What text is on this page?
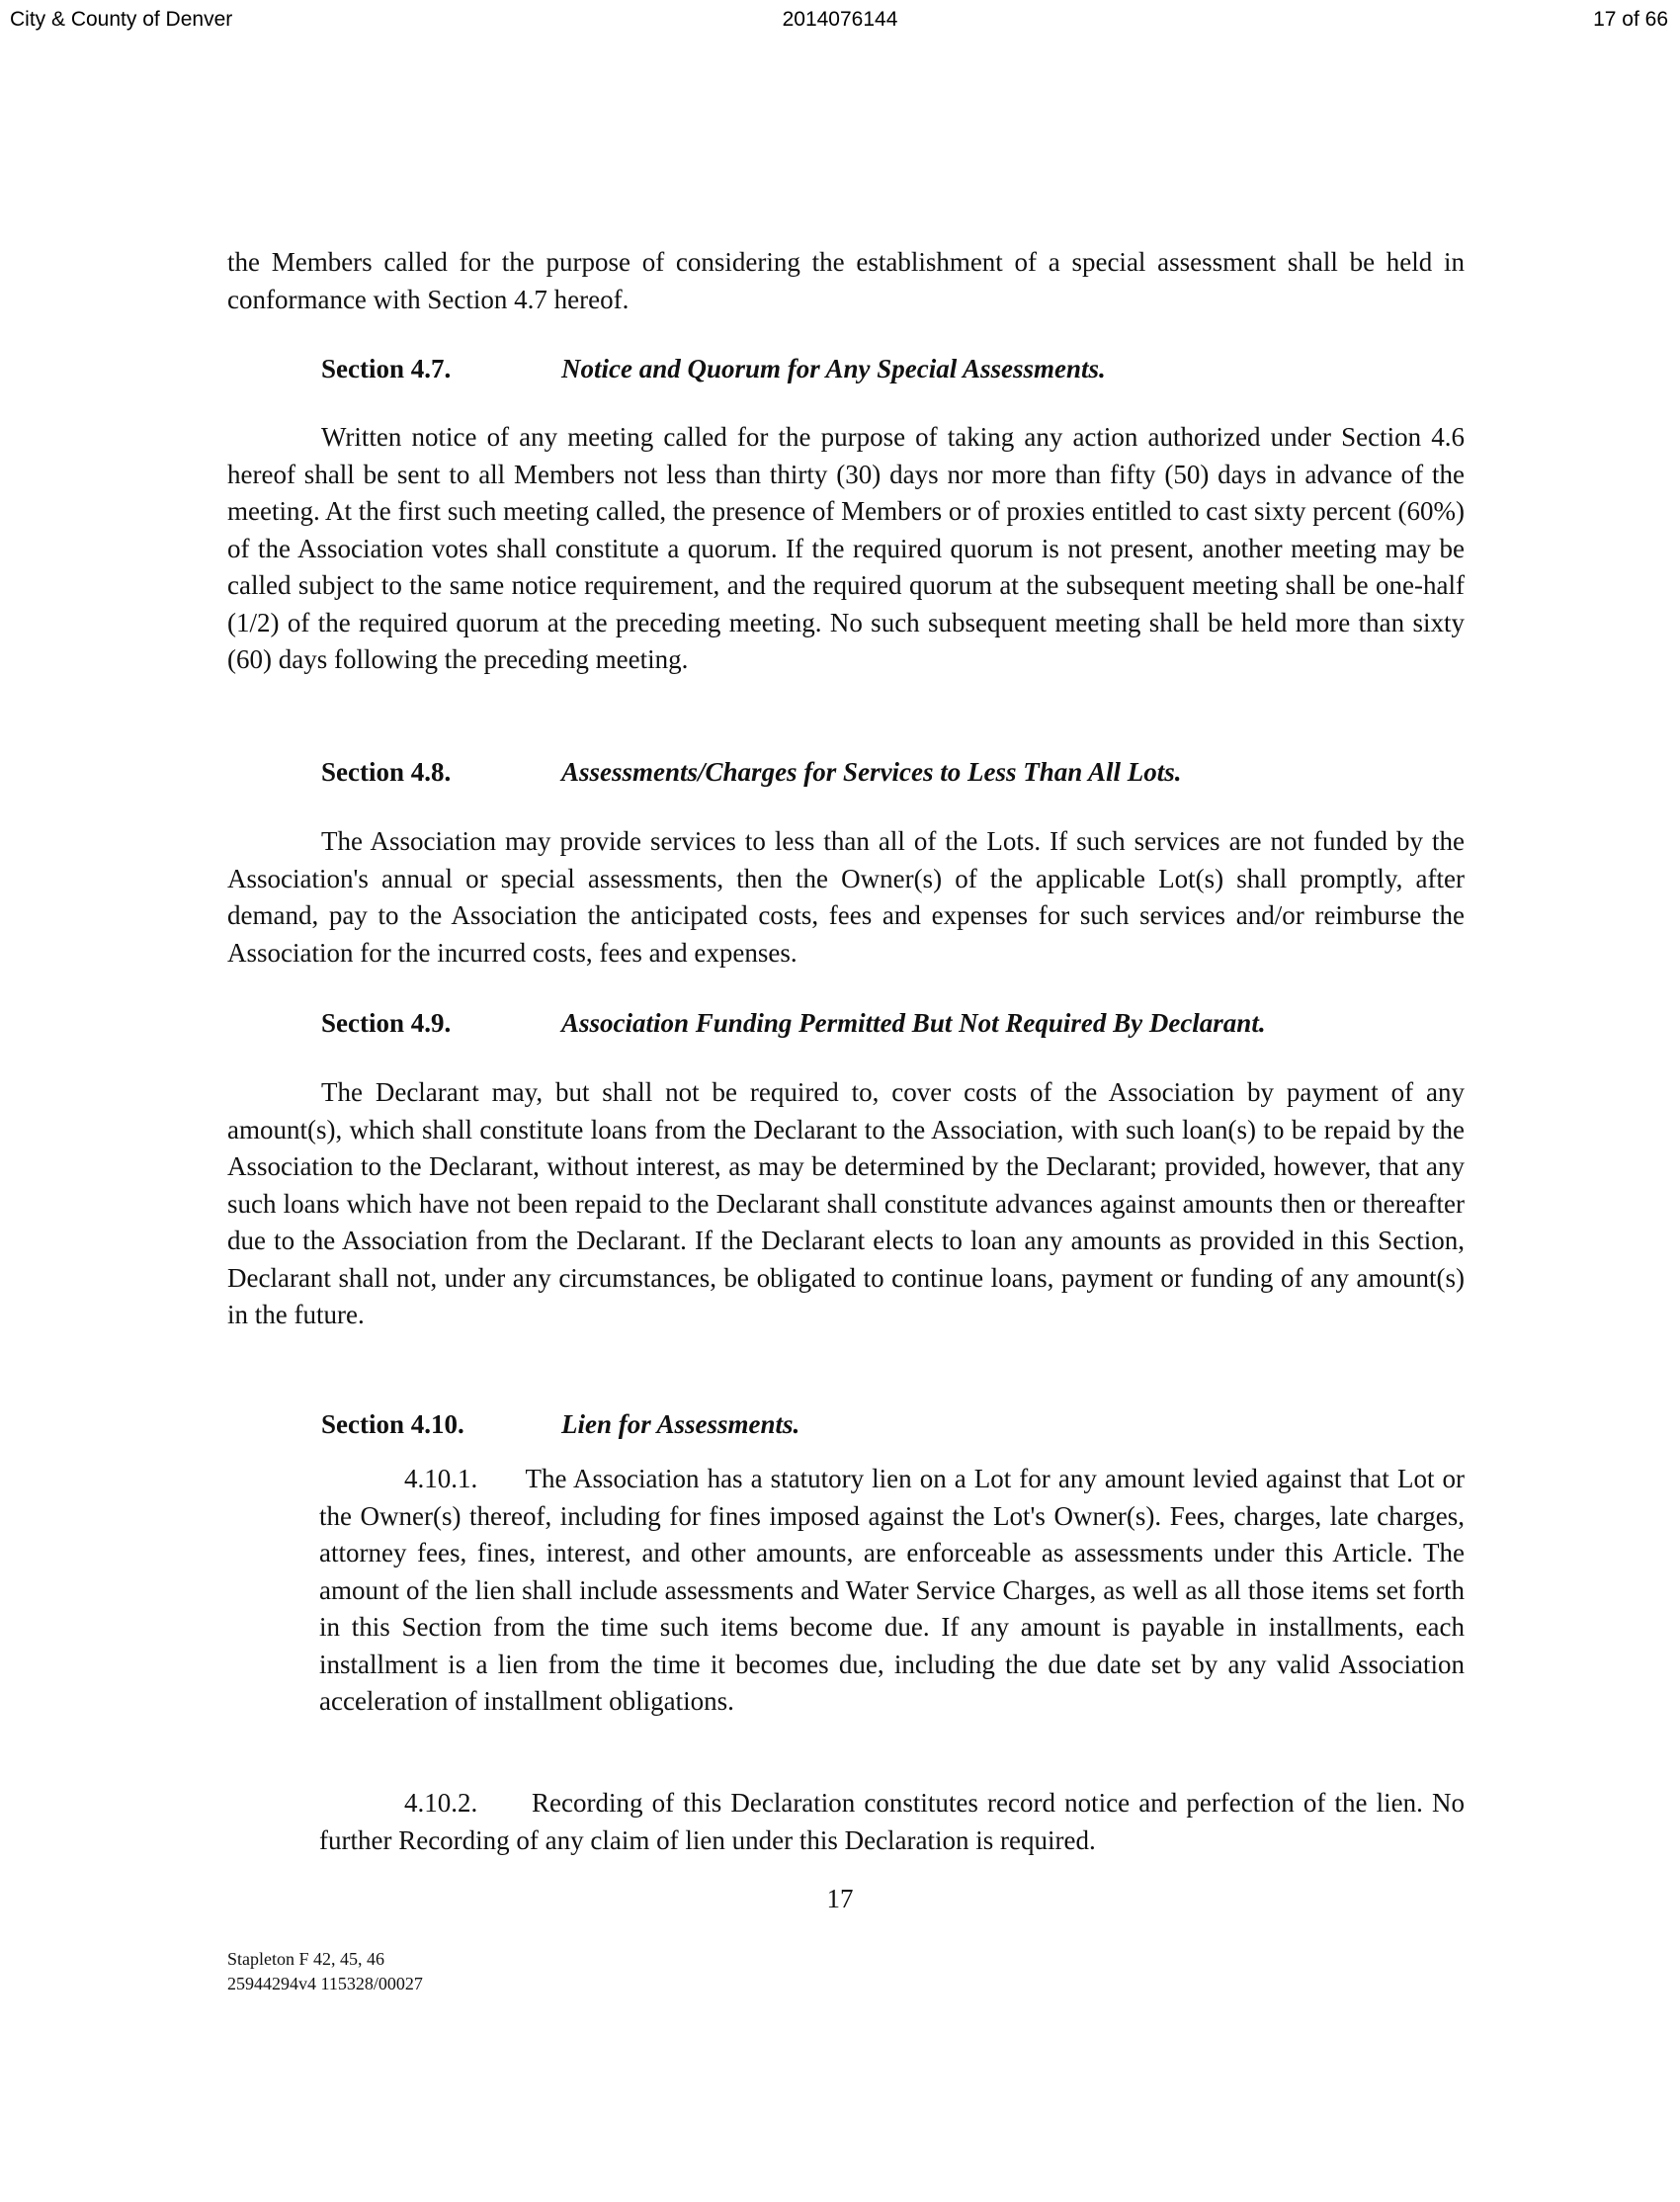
City & County of Denver	2014076144	17 of 66

the Members called for the purpose of considering the establishment of a special assessment shall be held in conformance with Section 4.7 hereof.

Section 4.7.	Notice and Quorum for Any Special Assessments.

Written notice of any meeting called for the purpose of taking any action authorized under Section 4.6 hereof shall be sent to all Members not less than thirty (30) days nor more than fifty (50) days in advance of the meeting. At the first such meeting called, the presence of Members or of proxies entitled to cast sixty percent (60%) of the Association votes shall constitute a quorum. If the required quorum is not present, another meeting may be called subject to the same notice requirement, and the required quorum at the subsequent meeting shall be one-half (1/2) of the required quorum at the preceding meeting. No such subsequent meeting shall be held more than sixty (60) days following the preceding meeting.

Section 4.8.	Assessments/Charges for Services to Less Than All Lots.

The Association may provide services to less than all of the Lots. If such services are not funded by the Association's annual or special assessments, then the Owner(s) of the applicable Lot(s) shall promptly, after demand, pay to the Association the anticipated costs, fees and expenses for such services and/or reimburse the Association for the incurred costs, fees and expenses.

Section 4.9.	Association Funding Permitted But Not Required By Declarant.

The Declarant may, but shall not be required to, cover costs of the Association by payment of any amount(s), which shall constitute loans from the Declarant to the Association, with such loan(s) to be repaid by the Association to the Declarant, without interest, as may be determined by the Declarant; provided, however, that any such loans which have not been repaid to the Declarant shall constitute advances against amounts then or thereafter due to the Association from the Declarant. If the Declarant elects to loan any amounts as provided in this Section, Declarant shall not, under any circumstances, be obligated to continue loans, payment or funding of any amount(s) in the future.

Section 4.10.	Lien for Assessments.

4.10.1.      The Association has a statutory lien on a Lot for any amount levied against that Lot or the Owner(s) thereof, including for fines imposed against the Lot's Owner(s). Fees, charges, late charges, attorney fees, fines, interest, and other amounts, are enforceable as assessments under this Article. The amount of the lien shall include assessments and Water Service Charges, as well as all those items set forth in this Section from the time such items become due. If any amount is payable in installments, each installment is a lien from the time it becomes due, including the due date set by any valid Association acceleration of installment obligations.

4.10.2.      Recording of this Declaration constitutes record notice and perfection of the lien. No further Recording of any claim of lien under this Declaration is required.

17
Stapleton F 42, 45, 46
25944294v4 115328/00027
